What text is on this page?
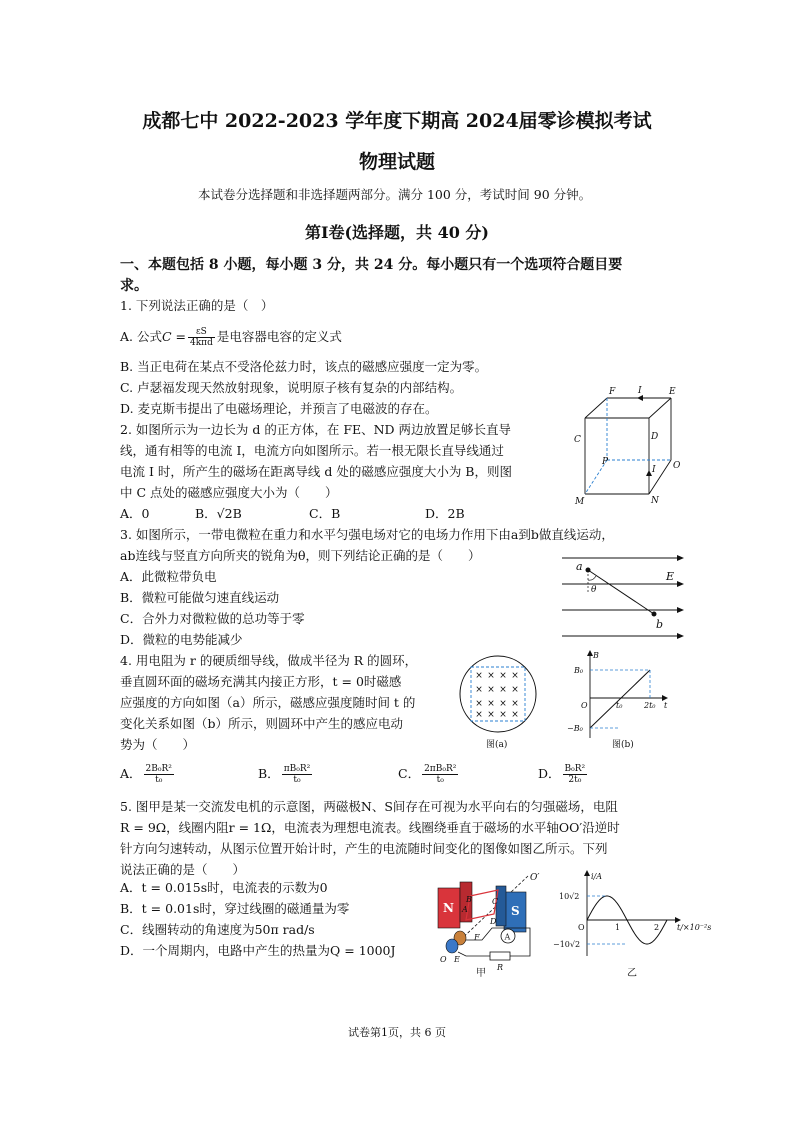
成都七中 2022-2023 学年度下期高 2024届零诊模拟考试
物理试题
本试卷分选择题和非选择题两部分。满分 100 分，考试时间 90 分钟。
第Ⅰ卷(选择题，共 40 分)
一、本题包括 8 小题，每小题 3 分，共 24 分。每小题只有一个选项符合题目要
求。
1. 下列说法正确的是（　）
A. 公式$C = \frac{\varepsilon S}{\text{4kπd}}$ 是电容器电容的定义式
B. 当正电荷在某点不受洛伦兹力时，该点的磁感应强度一定为零。
C. 卢瑟福发现天然放射现象，说明原子核有复杂的内部结构。
D. 麦克斯韦提出了电磁场理论，并预言了电磁波的存在。
2. 如图所示为一边长为 d 的正方体，在 FE、ND 两边放置足够长直导
线，通有相等的电流 I，电流方向如图所示。若一根无限长直导线通过
电流 I 时，所产生的磁场在距离导线 d 处的磁感应强度大小为 B，则图
中 C 点处的磁感应强度大小为（　　）
A．0	B．√2B	C．B	D．2B
F	I	E
C	D
P
I O
M	N
3. 如图所示，一带电微粒在重力和水平匀强电场对它的电场力作用下由a到b做直线运动，
ab连线与竖直方向所夹的锐角为θ，则下列结论正确的是（　　）
A．此微粒带负电
B．微粒可能做匀速直线运动
C．合外力对微粒做的总功等于零
D．微粒的电势能减少
a
E
θ
b
4. 用电阻为 r 的硬质细导线，做成半径为 R 的圆环，
垂直圆环面的磁场充满其内接正方形，t = 0时磁感
应强度的方向如图（a）所示，磁感应强度随时间 t 的
变化关系如图（b）所示，则圆环中产生的感应电动
势为（　　）
A． $\frac{\text{2B₀R²}}{\text{t₀}}$	B． $\frac{\text{πB₀R²}}{\text{t₀}}$	C． $\frac{\text{2πB₀R²}}{\text{t₀}}$	D． $\frac{\text{B₀R²}}{\text{2t₀}}$
× × × ×
× × × ×
× × × ×
× × × ×
图(a)
B
B₀
O
−B₀
t₀	2t₀ t
图(b)
5. 图甲是某一交流发电机的示意图，两磁极N、S间存在可视为水平向右的匀强磁场，电阻
R = 9Ω，线圈内阻r = 1Ω，电流表为理想电流表。线圈绕垂直于磁场的水平轴OO′沿逆时
针方向匀速转动，从图示位置开始计时，产生的电流随时间变化的图像如图乙所示。下列
说法正确的是（　　）
A．t = 0.015s时，电流表的示数为0
B．t = 0.01s时，穿过线圈的磁通量为零
C．线圈转动的角速度为50π rad/s
D．一个周期内，电路中产生的热量为Q = 1000J
O′
N	S
C
D
A
B
F
O E
A
R
甲
i/A
10√2
−10√2
O	1	2 t/×10⁻²s
乙
试卷第1页，共 6 页
